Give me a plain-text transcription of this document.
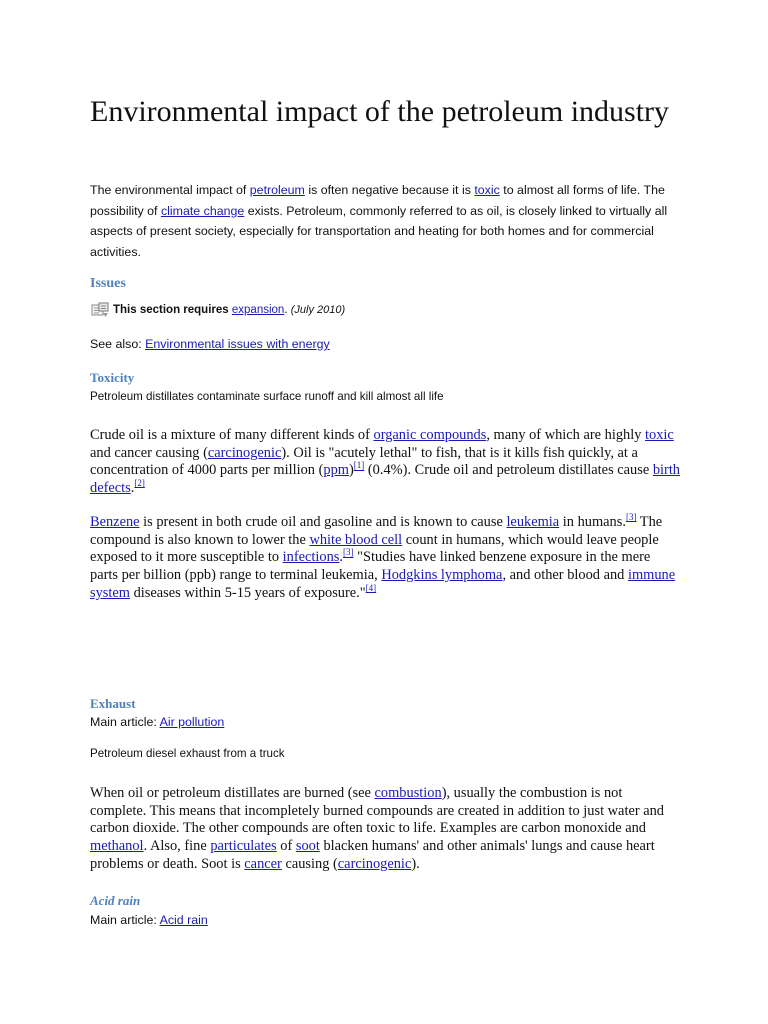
Environmental impact of the petroleum industry

The environmental impact of petroleum is often negative because it is toxic to almost all forms of life. The possibility of climate change exists. Petroleum, commonly referred to as oil, is closely linked to virtually all aspects of present society, especially for transportation and heating for both homes and for commercial activities.

Issues
This section requires
expansion .
(July 2010)

See also: Environmental issues with energy

Toxicity

Petroleum distillates contaminate surface runoff and kill almost all life

Crude oil is a mixture of many different kinds of organic compounds, many of which are highly toxic and cancer causing (carcinogenic). Oil is "acutely lethal" to fish, that is it kills fish quickly, at a concentration of 4000 parts per million (ppm)[1] (0.4%). Crude oil and petroleum distillates cause birth defects.[2]

Benzene is present in both crude oil and gasoline and is known to cause leukemia in humans.[3] The compound is also known to lower the white blood cell count in humans, which would leave people exposed to it more susceptible to infections.[3] "Studies have linked benzene exposure in the mere parts per billion (ppb) range to terminal leukemia, Hodgkins lymphoma, and other blood and immune system diseases within 5-15 years of exposure."[4]

Exhaust

Main article: Air pollution

Petroleum diesel exhaust from a truck

When oil or petroleum distillates are burned (see combustion), usually the combustion is not complete. This means that incompletely burned compounds are created in addition to just water and carbon dioxide. The other compounds are often toxic to life. Examples are carbon monoxide and methanol. Also, fine particulates of soot blacken humans' and other animals' lungs and cause heart problems or death. Soot is cancer causing (carcinogenic).

Acid rain

Main article: Acid rain
